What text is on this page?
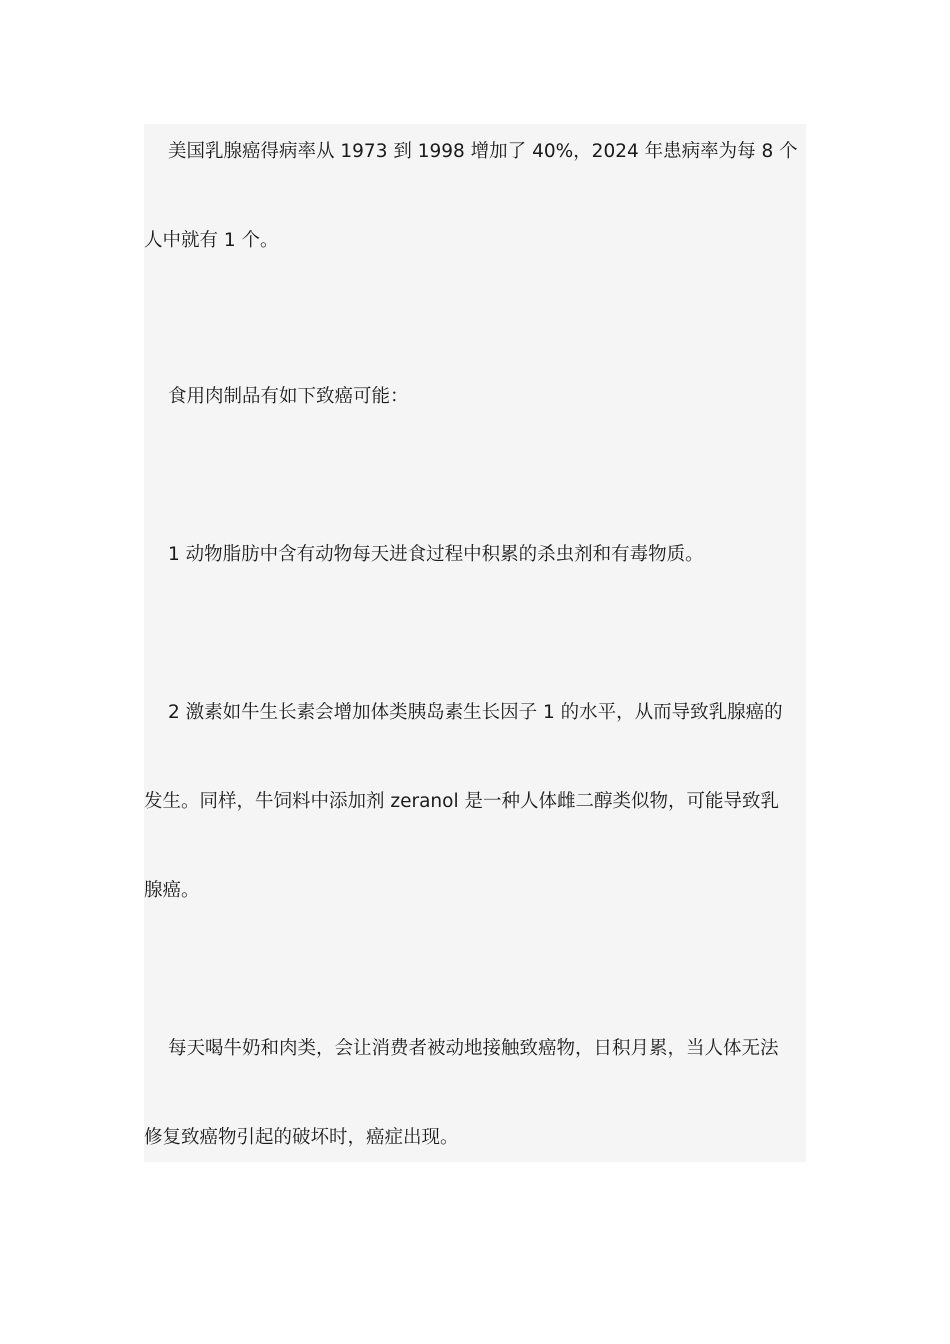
美国乳腺癌得病率从 1973 到 1998 增加了 40%，2024 年患病率为每 8 个
人中就有 1 个。
食用肉制品有如下致癌可能：
1 动物脂肪中含有动物每天进食过程中积累的杀虫剂和有毒物质。
2 激素如牛生长素会增加体类胰岛素生长因子 1 的水平，从而导致乳腺癌的
发生。同样，牛饲料中添加剂 zeranol 是一种人体雌二醇类似物，可能导致乳
腺癌。
每天喝牛奶和肉类，会让消费者被动地接触致癌物，日积月累，当人体无法
修复致癌物引起的破坏时，癌症出现。
